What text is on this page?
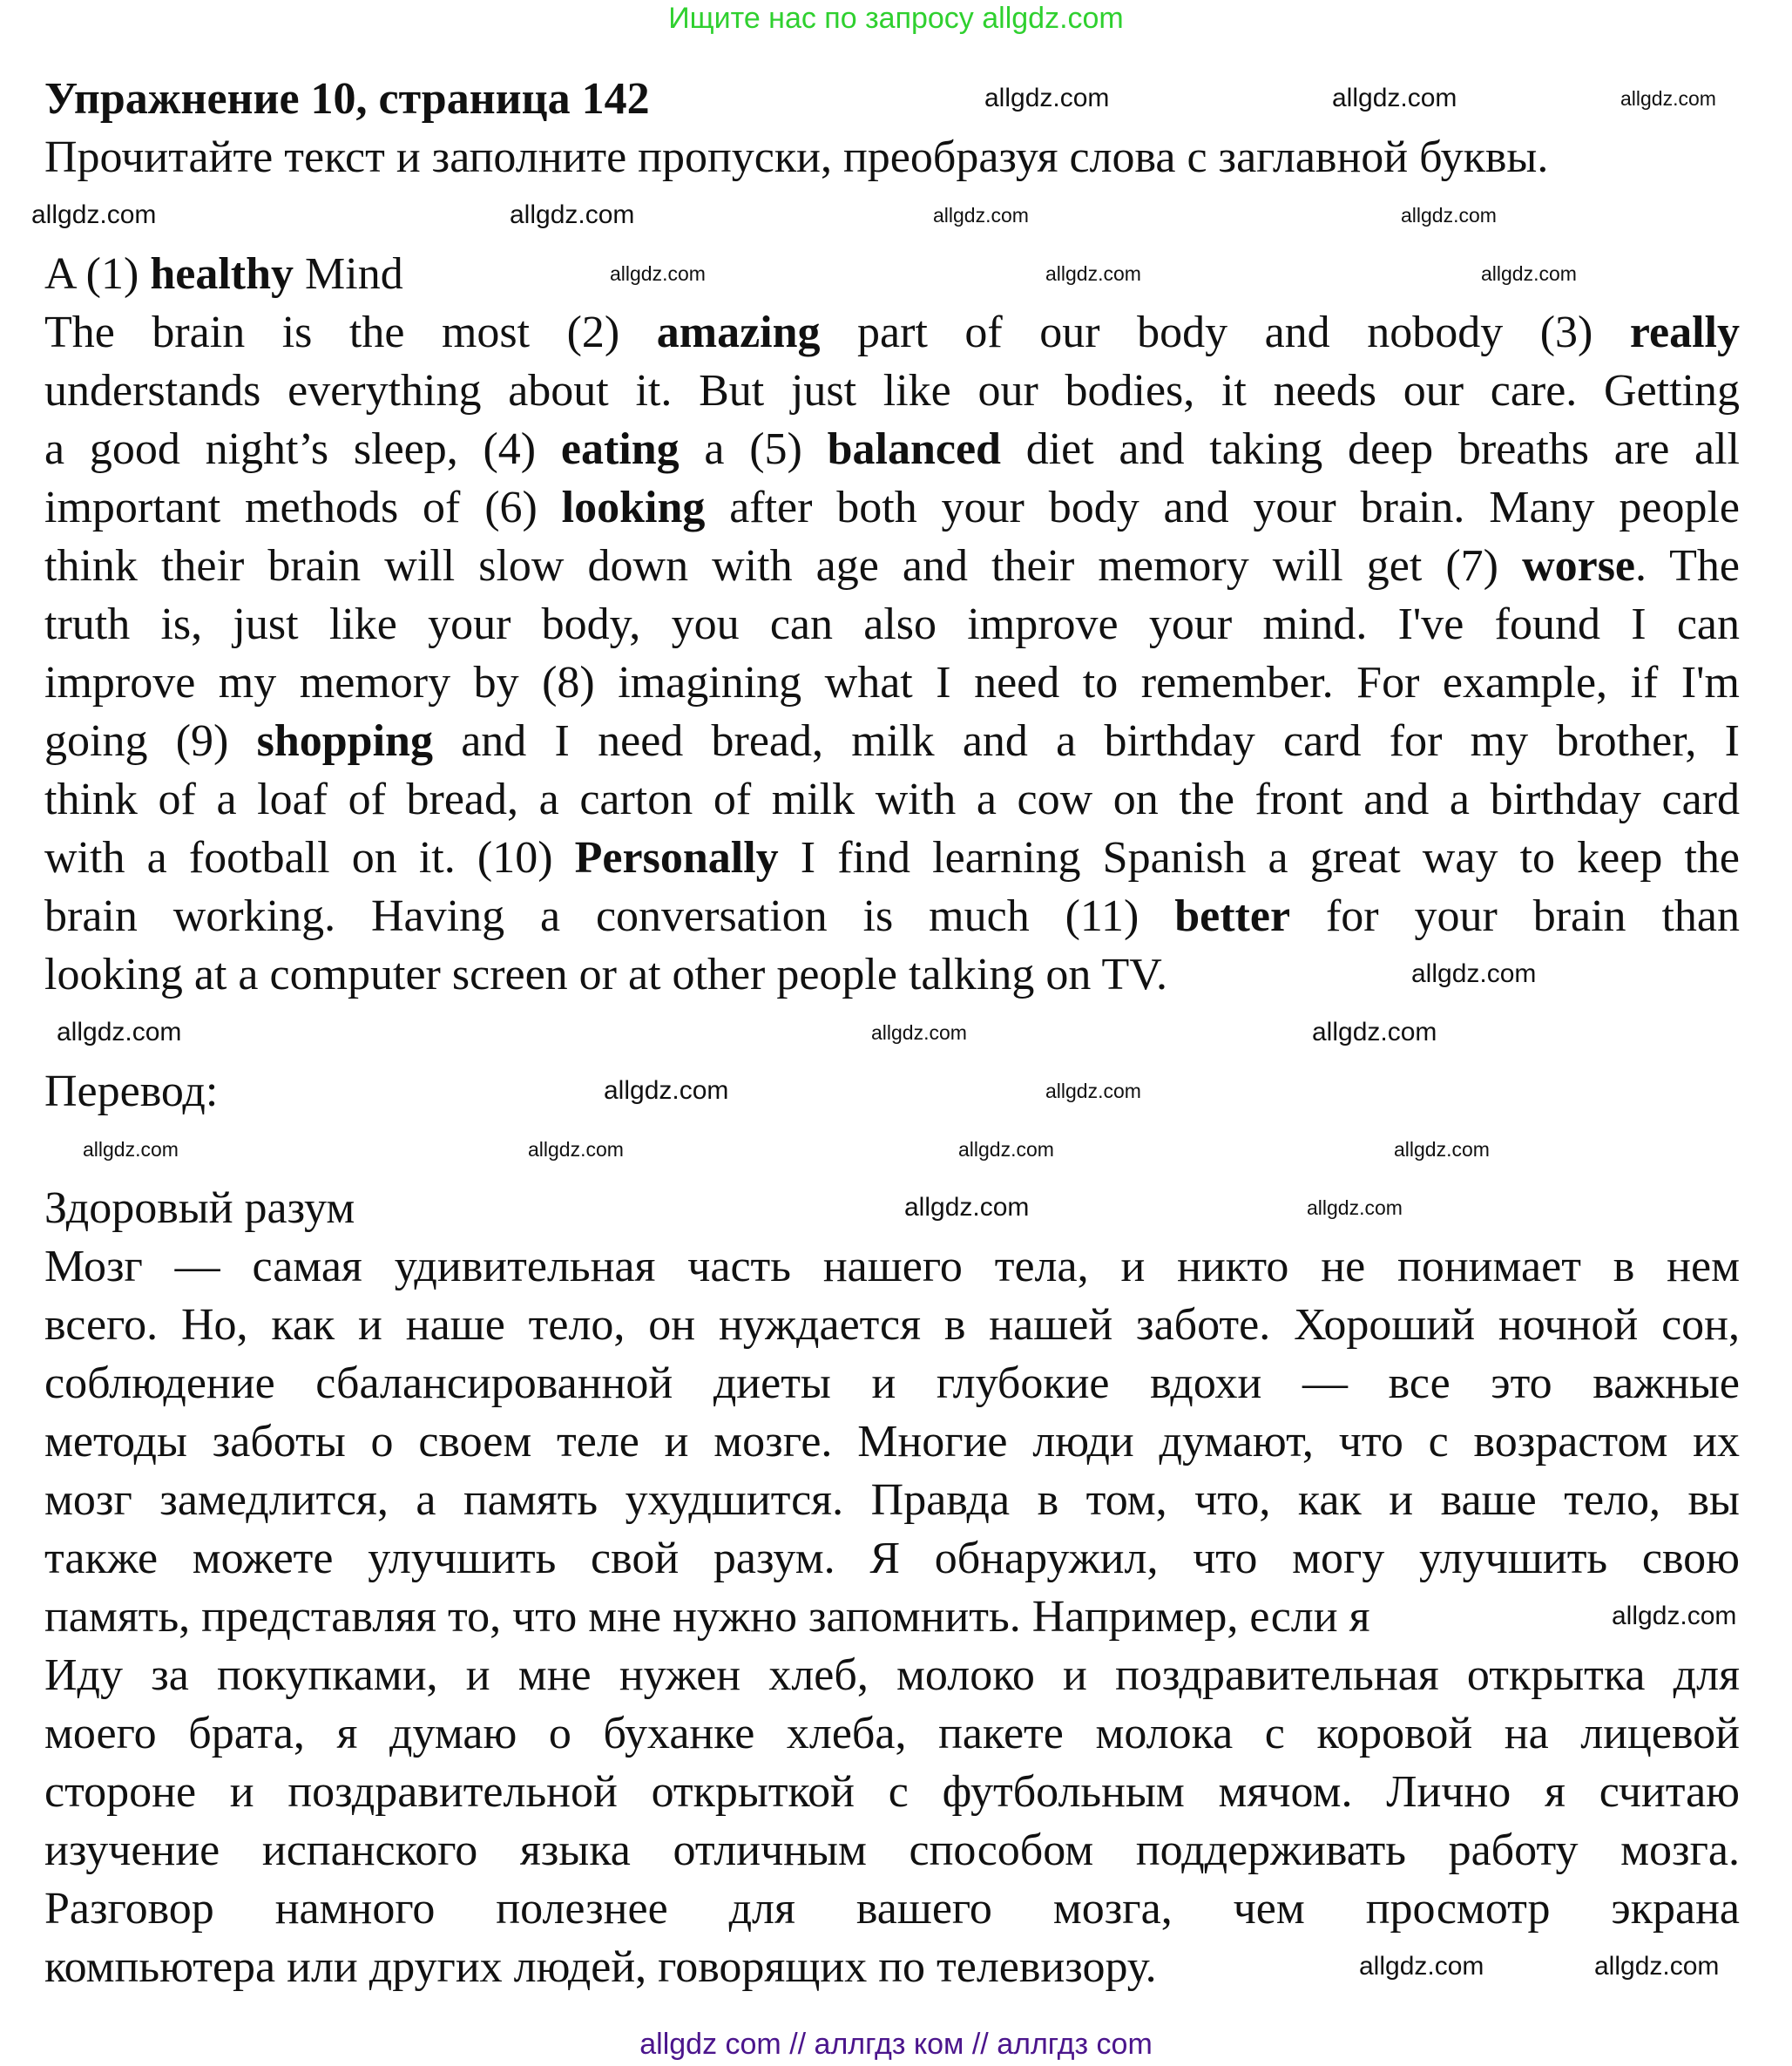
Ищите нас по запросу allgdz.com
Упражнение 10, страница 142
Прочитайте текст и заполните пропуски, преобразуя слова с заглавной буквы.
A (1) healthy Mind
The brain is the most (2) amazing part of our body and nobody (3) really
understands everything about it. But just like our bodies, it needs our care. Getting
a good night’s sleep, (4) eating a (5) balanced diet and taking deep breaths are all
important methods of (6) looking after both your body and your brain. Many people
think their brain will slow down with age and their memory will get (7) worse. The
truth is, just like your body, you can also improve your mind. I've found I can
improve my memory by (8) imagining what I need to remember. For example, if I'm
going (9) shopping and I need bread, milk and a birthday card for my brother, I
think of a loaf of bread, a carton of milk with a cow on the front and a birthday card
with a football on it. (10) Personally I find learning Spanish a great way to keep the
brain working. Having a conversation is much (11) better for your brain than
looking at a computer screen or at other people talking on TV.
Перевод:
Здоровый разум
Мозг — самая удивительная часть нашего тела, и никто не понимает в нем
всего. Но, как и наше тело, он нуждается в нашей заботе. Хороший ночной сон,
соблюдение сбалансированной диеты и глубокие вдохи — все это важные
методы заботы о своем теле и мозге. Многие люди думают, что с возрастом их
мозг замедлится, а память ухудшится. Правда в том, что, как и ваше тело, вы
также можете улучшить свой разум. Я обнаружил, что могу улучшить свою
память, представляя то, что мне нужно запомнить. Например, если я
Иду за покупками, и мне нужен хлеб, молоко и поздравительная открытка для
моего брата, я думаю о буханке хлеба, пакете молока с коровой на лицевой
стороне и поздравительной открыткой с футбольным мячом. Лично я считаю
изучение испанского языка отличным способом поддерживать работу мозга.
Разговор намного полезнее для вашего мозга, чем просмотр экрана
компьютера или других людей, говорящих по телевизору.
allgdz.com	allgdz.com	allgdz.com
allgdz.com	allgdz.com	allgdz.com	allgdz.com
allgdz.com	allgdz.com	allgdz.com
allgdz.com
allgdz.com
allgdz.com
allgdz.com
allgdz.com
allgdz.com
allgdz.com
allgdz.com	allgdz.com
allgdz.com
allgdz.com
allgdz.com
allgdz.com
allgdz.com	allgdz.com
allgdz com // аллгдз ком // аллгдз com
